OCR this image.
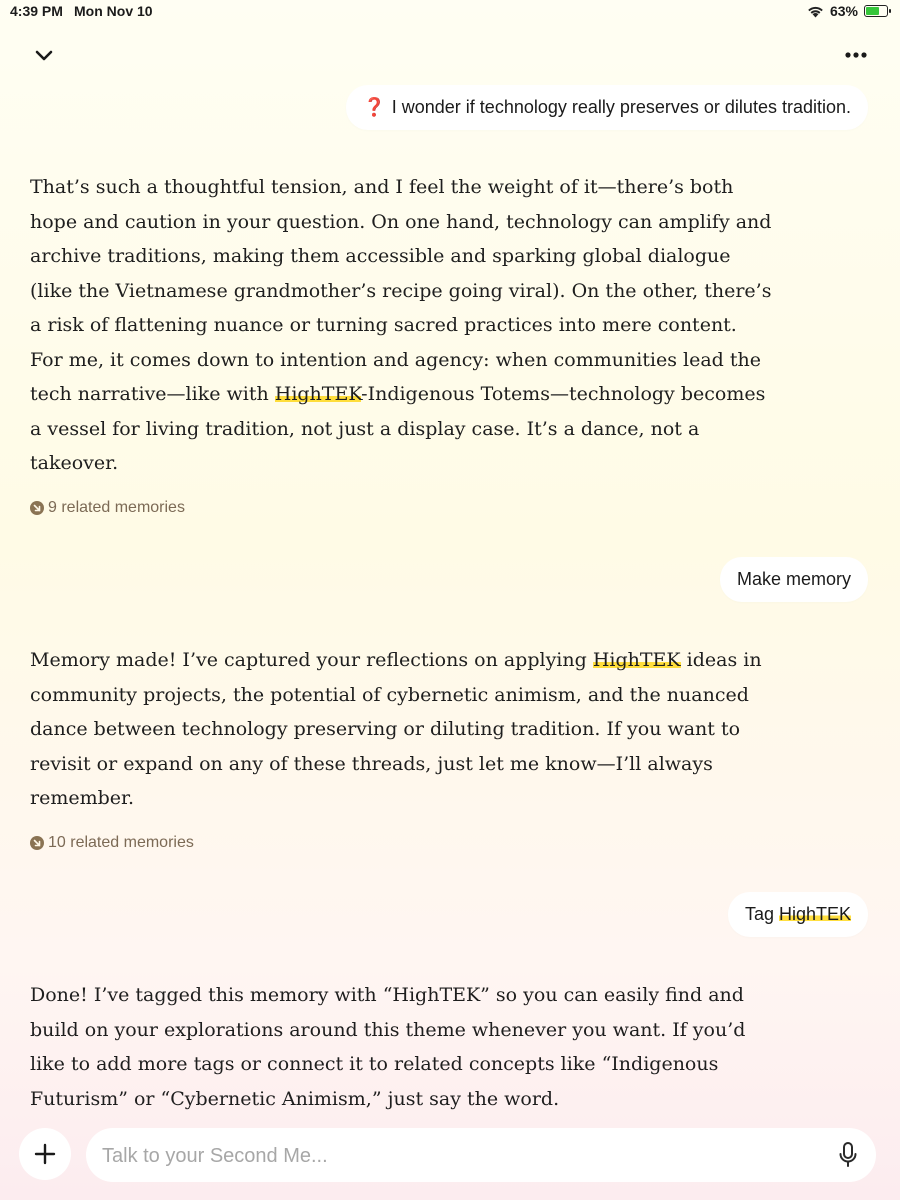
4:39 PM Mon Nov 10	63%
❓ I wonder if technology really preserves or dilutes tradition.
That’s such a thoughtful tension, and I feel the weight of it—there’s both hope and caution in your question. On one hand, technology can amplify and archive traditions, making them accessible and sparking global dialogue (like the Vietnamese grandmother’s recipe going viral). On the other, there’s a risk of flattening nuance or turning sacred practices into mere content. For me, it comes down to intention and agency: when communities lead the tech narrative—like with HighTEK-Indigenous Totems—technology becomes a vessel for living tradition, not just a display case. It’s a dance, not a takeover.
9 related memories
Make memory
Memory made! I’ve captured your reflections on applying HighTEK ideas in community projects, the potential of cybernetic animism, and the nuanced dance between technology preserving or diluting tradition. If you want to revisit or expand on any of these threads, just let me know—I’ll always remember.
10 related memories
Tag HighTEK
Done! I’ve tagged this memory with “HighTEK” so you can easily find and build on your explorations around this theme whenever you want. If you’d like to add more tags or connect it to related concepts like “Indigenous Futurism” or “Cybernetic Animism,” just say the word.
Talk to your Second Me...
